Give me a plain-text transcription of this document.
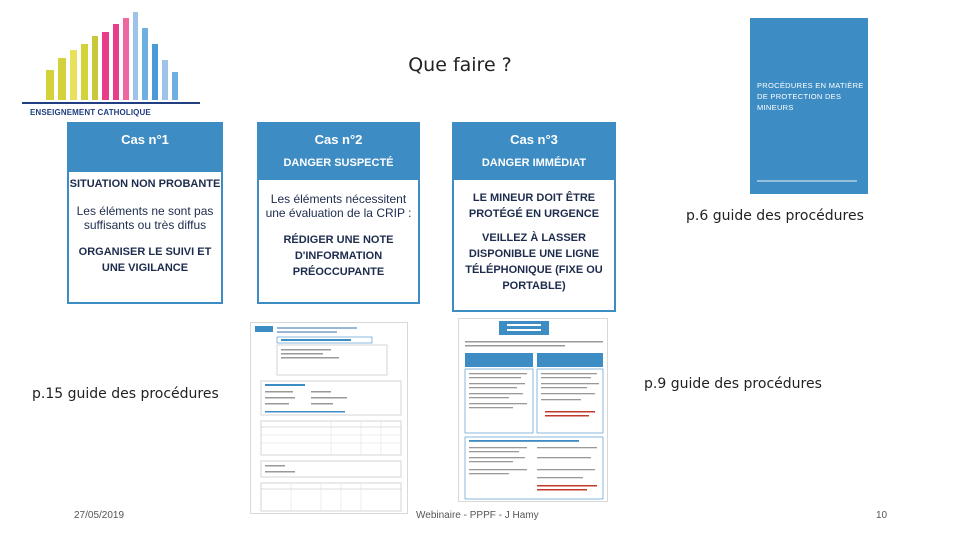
ENSEIGNEMENT CATHOLIQUE
Que faire ?
Cas n°1
SITUATION NON PROBANTE
Les éléments ne sont pas suffisants ou très diffus
ORGANISER LE SUIVI ET UNE VIGILANCE
Cas n°2
DANGER SUSPECTÉ
Les éléments nécessitent une évaluation de la CRIP :
RÉDIGER UNE NOTE D'INFORMATION PRÉOCCUPANTE
Cas n°3
DANGER IMMÉDIAT
LE MINEUR DOIT ÊTRE PROTÉGÉ EN URGENCE
VEILLEZ À LASSER DISPONIBLE UNE LIGNE TÉLÉPHONIQUE (FIXE OU PORTABLE)
PROCÉDURES EN MATIÈRE DE PROTECTION DES MINEURS
p.6 guide des procédures
p.15 guide des procédures
p.9 guide des procédures
27/05/2019	Webinaire - PPPF - J Hamy	10
